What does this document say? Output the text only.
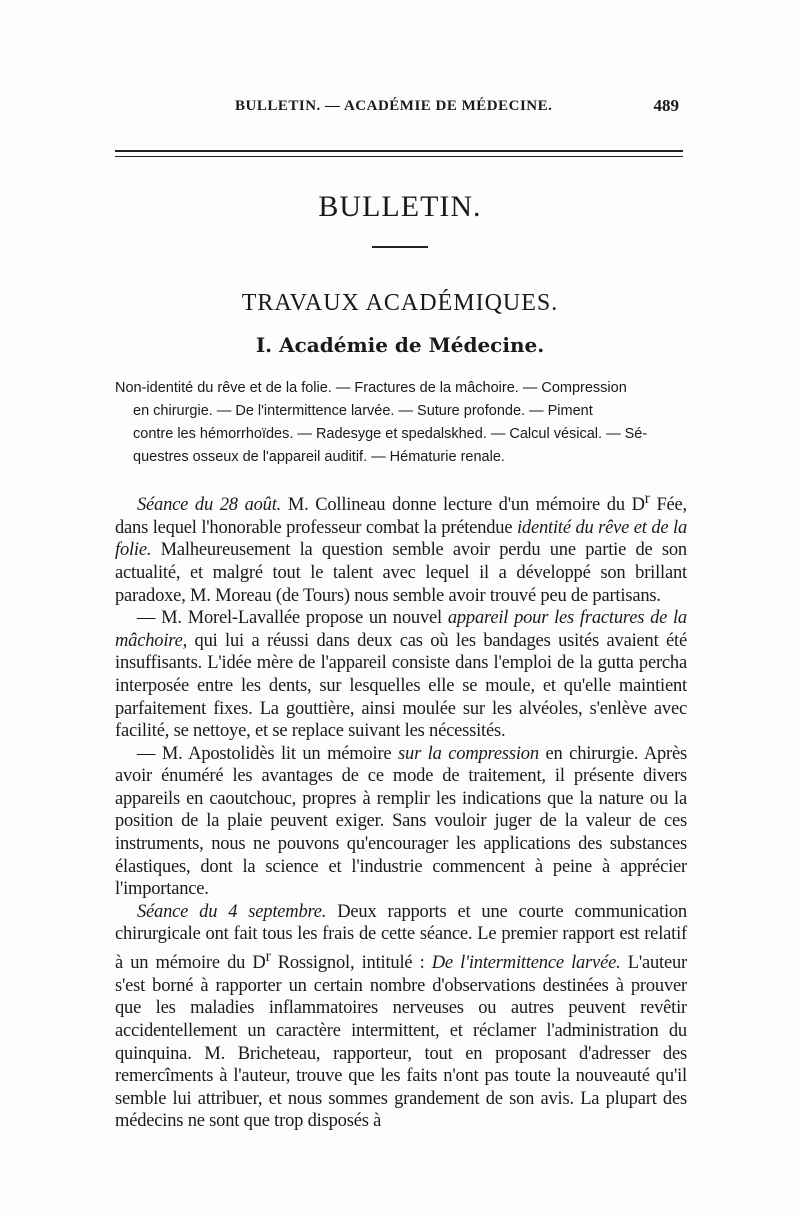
BULLETIN. — ACADÉMIE DE MÉDECINE.	489
BULLETIN.
TRAVAUX ACADÉMIQUES.
I. Académie de Médecine.

Non-identité du rêve et de la folie. — Fractures de la mâchoire. — Compression

en chirurgie. — De l'intermittence larvée. — Suture profonde. — Piment

contre les hémorrhoïdes. — Radesyge et spedalskhed. — Calcul vésical. — Sé-

questres osseux de l'appareil auditif. — Hématurie renale.

Séance du 28 août. M. Collineau donne lecture d'un mémoire du $D^r$ Fée, dans lequel l'honorable professeur combat la prétendue identité du rêve et de la folie. Malheureusement la question semble avoir perdu une partie de son actualité, et malgré tout le talent avec lequel il a développé son brillant paradoxe, M. Moreau (de Tours) nous semble avoir trouvé peu de partisans.

— M. Morel-Lavallée propose un nouvel appareil pour les fractures de la mâchoire, qui lui a réussi dans deux cas où les bandages usités avaient été insuffisants. L'idée mère de l'appareil consiste dans l'emploi de la gutta percha interposée entre les dents, sur lesquelles elle se moule, et qu'elle maintient parfaitement fixes. La gouttière, ainsi moulée sur les alvéoles, s'enlève avec facilité, se nettoye, et se replace suivant les nécessités.

— M. Apostolidès lit un mémoire sur la compression en chirurgie. Après avoir énuméré les avantages de ce mode de traitement, il présente divers appareils en caoutchouc, propres à remplir les indications que la nature ou la position de la plaie peuvent exiger. Sans vouloir juger de la valeur de ces instruments, nous ne pouvons qu'encourager les applications des substances élastiques, dont la science et l'industrie commencent à peine à apprécier l'importance.

Séance du 4 septembre. Deux rapports et une courte communication chirurgicale ont fait tous les frais de cette séance. Le premier rapport est relatif à un mémoire du $D^r$ Rossignol, intitulé : De l'intermittence larvée. L'auteur s'est borné à rapporter un certain nombre d'observations destinées à prouver que les maladies inflammatoires nerveuses ou autres peuvent revêtir accidentellement un caractère intermittent, et réclamer l'administration du quinquina. M. Bricheteau, rapporteur, tout en proposant d'adresser des remercîments à l'auteur, trouve que les faits n'ont pas toute la nouveauté qu'il semble lui attribuer, et nous sommes grandement de son avis. La plupart des médecins ne sont que trop disposés à
